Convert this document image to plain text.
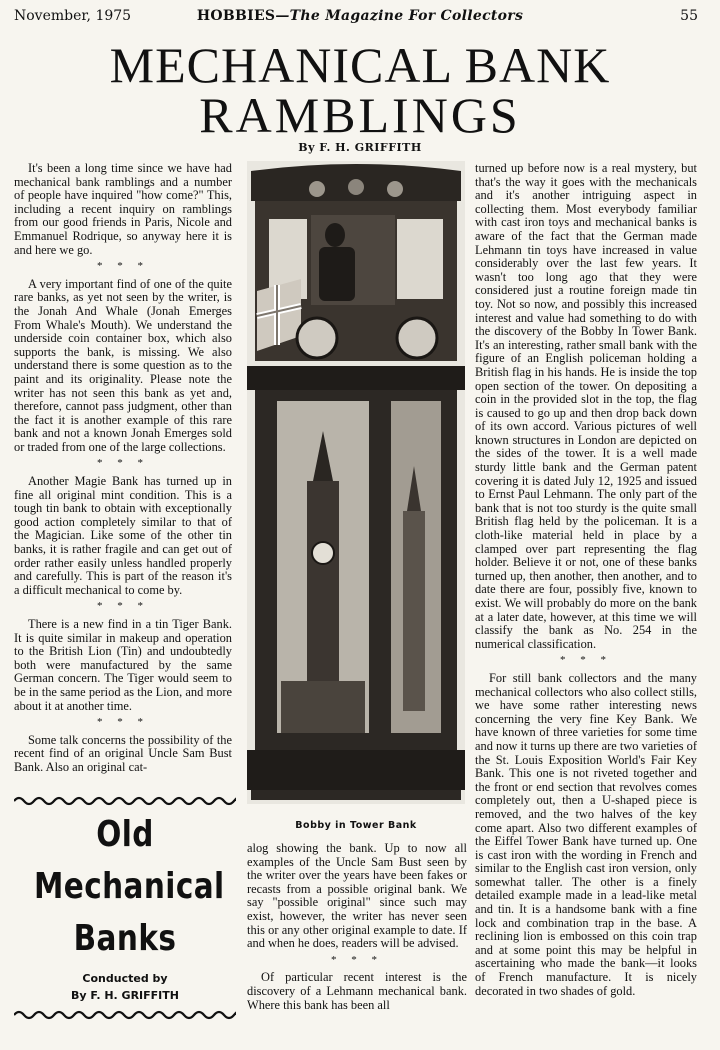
HOBBIES—The Magazine For Collectors
November, 1975	55
MECHANICAL BANK
RAMBLINGS
By F. H. GRIFFITH

It's been a long time since we have had mechanical bank ramblings and a number of people have inquired "how come?" This, including a recent inquiry on ramblings from our good friends in Paris, Nicole and Emmanuel Rodrique, so anyway here it is and here we go.

* * *

A very important find of one of the quite rare banks, as yet not seen by the writer, is the Jonah And Whale (Jonah Emerges From Whale's Mouth). We understand the underside coin container box, which also supports the bank, is missing. We also understand there is some question as to the paint and its originality. Please note the writer has not seen this bank as yet and, therefore, cannot pass judgment, other than the fact it is another example of this rare bank and not a known Jonah Emerges sold or traded from one of the large collections.

* * *

Another Magie Bank has turned up in fine all original mint condition. This is a tough tin bank to obtain with exceptionally good action completely similar to that of the Magician. Like some of the other tin banks, it is rather fragile and can get out of order rather easily unless handled properly and carefully. This is part of the reason it's a difficult mechanical to come by.

* * *

There is a new find in a tin Tiger Bank. It is quite similar in makeup and operation to the British Lion (Tin) and undoubtedly both were manufactured by the same German concern. The Tiger would seem to be in the same period as the Lion, and more about it at another time.

* * *

Some talk concerns the possibility of the recent find of an original Uncle Sam Bust Bank. Also an original cat-

Bobby in Tower Bank

alog showing the bank. Up to now all examples of the Uncle Sam Bust seen by the writer over the years have been fakes or recasts from a possible original bank. We say "possible original" since such may exist, however, the writer has never seen this or any other original example to date. If and when he does, readers will be advised.

* * *

Of particular recent interest is the discovery of a Lehmann mechanical bank. Where this bank has been all

turned up before now is a real mystery, but that's the way it goes with the mechanicals and it's another intriguing aspect in collecting them. Most everybody familiar with cast iron toys and mechanical banks is aware of the fact that the German made Lehmann tin toys have increased in value considerably over the last few years. It wasn't too long ago that they were considered just a routine foreign made tin toy. Not so now, and possibly this increased interest and value had something to do with the discovery of the Bobby In Tower Bank. It's an interesting, rather small bank with the figure of an English policeman holding a British flag in his hands. He is inside the top open section of the tower. On depositing a coin in the provided slot in the top, the flag is caused to go up and then drop back down of its own accord. Various pictures of well known structures in London are depicted on the sides of the tower. It is a well made sturdy little bank and the German patent covering it is dated July 12, 1925 and issued to Ernst Paul Lehmann. The only part of the bank that is not too sturdy is the quite small British flag held by the policeman. It is a cloth-like material held in place by a clamped over part representing the flag holder. Believe it or not, one of these banks turned up, then another, then another, and to date there are four, possibly five, known to exist. We will probably do more on the bank at a later date, however, at this time we will classify the bank as No. 254 in the numerical classification.

* * *

For still bank collectors and the many mechanical collectors who also collect stills, we have some rather interesting news concerning the very fine Key Bank. We have known of three varieties for some time and now it turns up there are two varieties of the St. Louis Exposition World's Fair Key Bank. This one is not riveted together and the front or end section that revolves comes completely out, then a U-shaped piece is removed, and the two halves of the key come apart. Also two different examples of the Eiffel Tower Bank have turned up. One is cast iron with the wording in French and similar to the English cast iron version, only somewhat taller. The other is a finely detailed example made in a lead-like metal and tin. It is a handsome bank with a fine lock and combination trap in the base. A reclining lion is embossed on this coin trap and at some point this may be helpful in ascertaining who made the bank—it looks of French manufacture. It is nicely decorated in two shades of gold.

Old
Mechanical
Banks
Conducted by
By F. H. GRIFFITH
